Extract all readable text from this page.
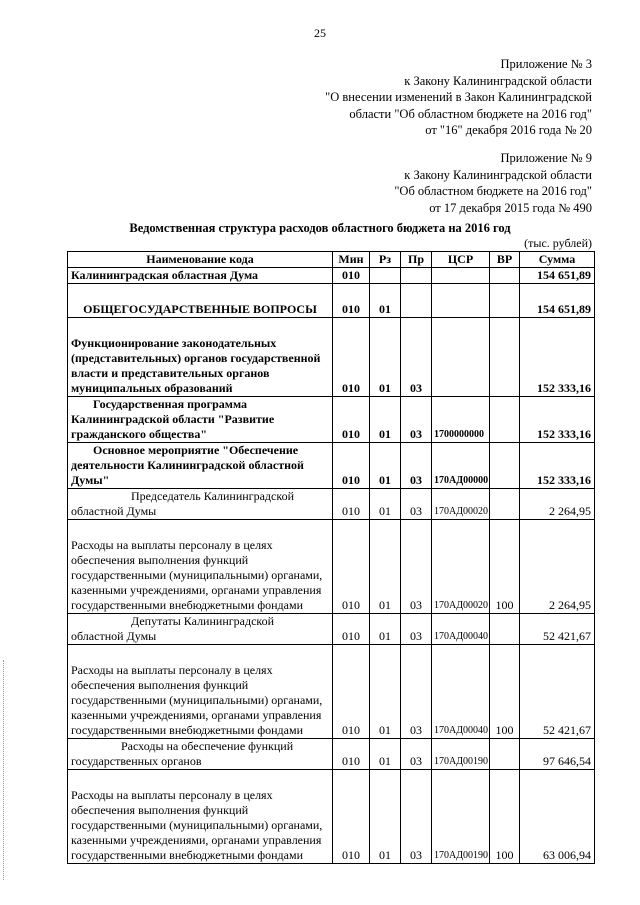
25
Приложение № 3
к Закону Калининградской области
"О внесении изменений в Закон Калининградской
области "Об областном бюджете на 2016 год"
от "16" декабря 2016 года № 20
Приложение № 9
к Закону Калининградской области
"Об областном бюджете на 2016 год"
от 17 декабря 2015 года № 490
Ведомственная структура расходов областного бюджета на 2016 год
(тыс. рублей)
Наименование кода	Мин	Рз	Пр	ЦСР	ВР	Сумма
Калининградская областная Дума	010					154 651,89

ОБЩЕГОСУДАРСТВЕННЫЕ ВОПРОСЫ	010	01				154 651,89

Функционирование законодательных (представительных) органов государственной власти и представительных органов муниципальных образований	010	01	03			152 333,16
Государственная программа Калининградской области "Развитие гражданского общества"	010	01	03	1700000000		152 333,16
Основное мероприятие "Обеспечение деятельности Калининградской областной Думы"	010	01	03	170АД00000		152 333,16
Председатель Калининградской областной Думы	010	01	03	170АД00020		2 264,95

Расходы на выплаты персоналу в целях обеспечения выполнения функций государственными (муниципальными) органами, казенными учреждениями, органами управления государственными внебюджетными фондами	010	01	03	170АД00020	100	2 264,95
Депутаты Калининградской областной Думы	010	01	03	170АД00040		52 421,67

Расходы на выплаты персоналу в целях обеспечения выполнения функций государственными (муниципальными) органами, казенными учреждениями, органами управления государственными внебюджетными фондами	010	01	03	170АД00040	100	52 421,67
Расходы на обеспечение функций государственных органов	010	01	03	170АД00190		97 646,54

Расходы на выплаты персоналу в целях обеспечения выполнения функций государственными (муниципальными) органами, казенными учреждениями, органами управления государственными внебюджетными фондами	010	01	03	170АД00190	100	63 006,94
